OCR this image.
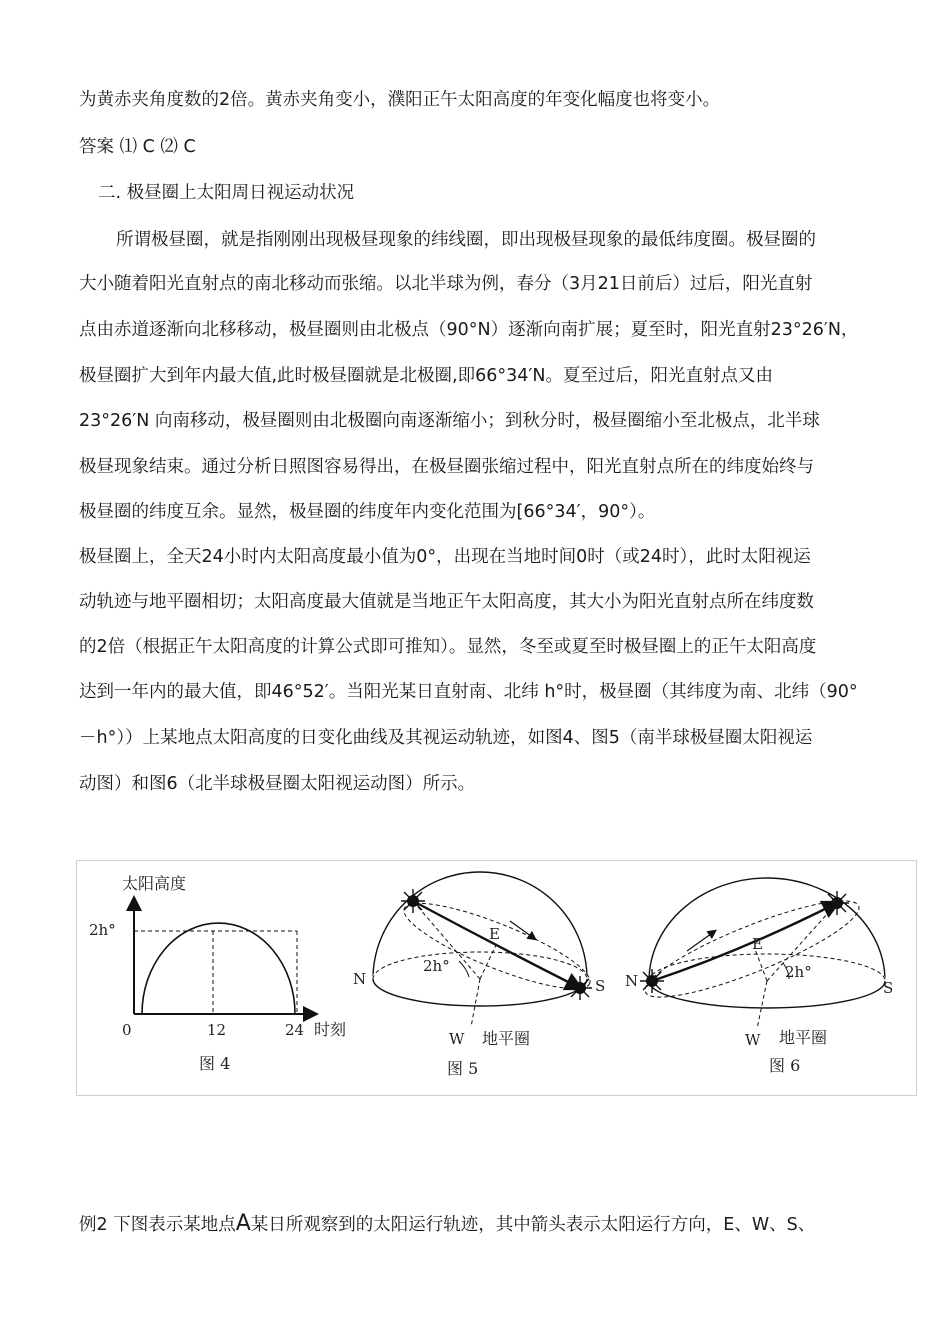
为黄赤夹角度数的2倍。黄赤夹角变小，濮阳正午太阳高度的年变化幅度也将变小。
答案 ⑴ C ⑵ C
二. 极昼圈上太阳周日视运动状况
所谓极昼圈，就是指刚刚出现极昼现象的纬线圈，即出现极昼现象的最低纬度圈。极昼圈的
大小随着阳光直射点的南北移动而张缩。以北半球为例，春分（3月21日前后）过后，阳光直射
点由赤道逐渐向北移移动，极昼圈则由北极点（90°N）逐渐向南扩展；夏至时，阳光直射23°26′N，
极昼圈扩大到年内最大值,此时极昼圈就是北极圈,即66°34′N。夏至过后，阳光直射点又由
23°26′N 向南移动，极昼圈则由北极圈向南逐渐缩小；到秋分时，极昼圈缩小至北极点，北半球
极昼现象结束。通过分析日照图容易得出，在极昼圈张缩过程中，阳光直射点所在的纬度始终与
极昼圈的纬度互余。显然，极昼圈的纬度年内变化范围为[66°34′，90°）。
极昼圈上，全天24小时内太阳高度最小值为0°，出现在当地时间0时（或24时），此时太阳视运
动轨迹与地平圈相切；太阳高度最大值就是当地正午太阳高度，其大小为阳光直射点所在纬度数
的2倍（根据正午太阳高度的计算公式即可推知）。显然，冬至或夏至时极昼圈上的正午太阳高度
达到一年内的最大值，即46°52′。当阳光某日直射南、北纬 h°时，极昼圈（其纬度为南、北纬（90°
－h°））上某地点太阳高度的日变化曲线及其视运动轨迹，如图4、图5（南半球极昼圈太阳视运
动图）和图6（北半球极昼圈太阳视运动图）所示。
太阳高度
2h°
0	12	24 时刻
图 4
N	S
E
W
2h°
地平圈
图 5
N	S
E
W
2h°
地平圈
图 6
例2 下图表示某地点A某日所观察到的太阳运行轨迹，其中箭头表示太阳运行方向，E、W、S、
